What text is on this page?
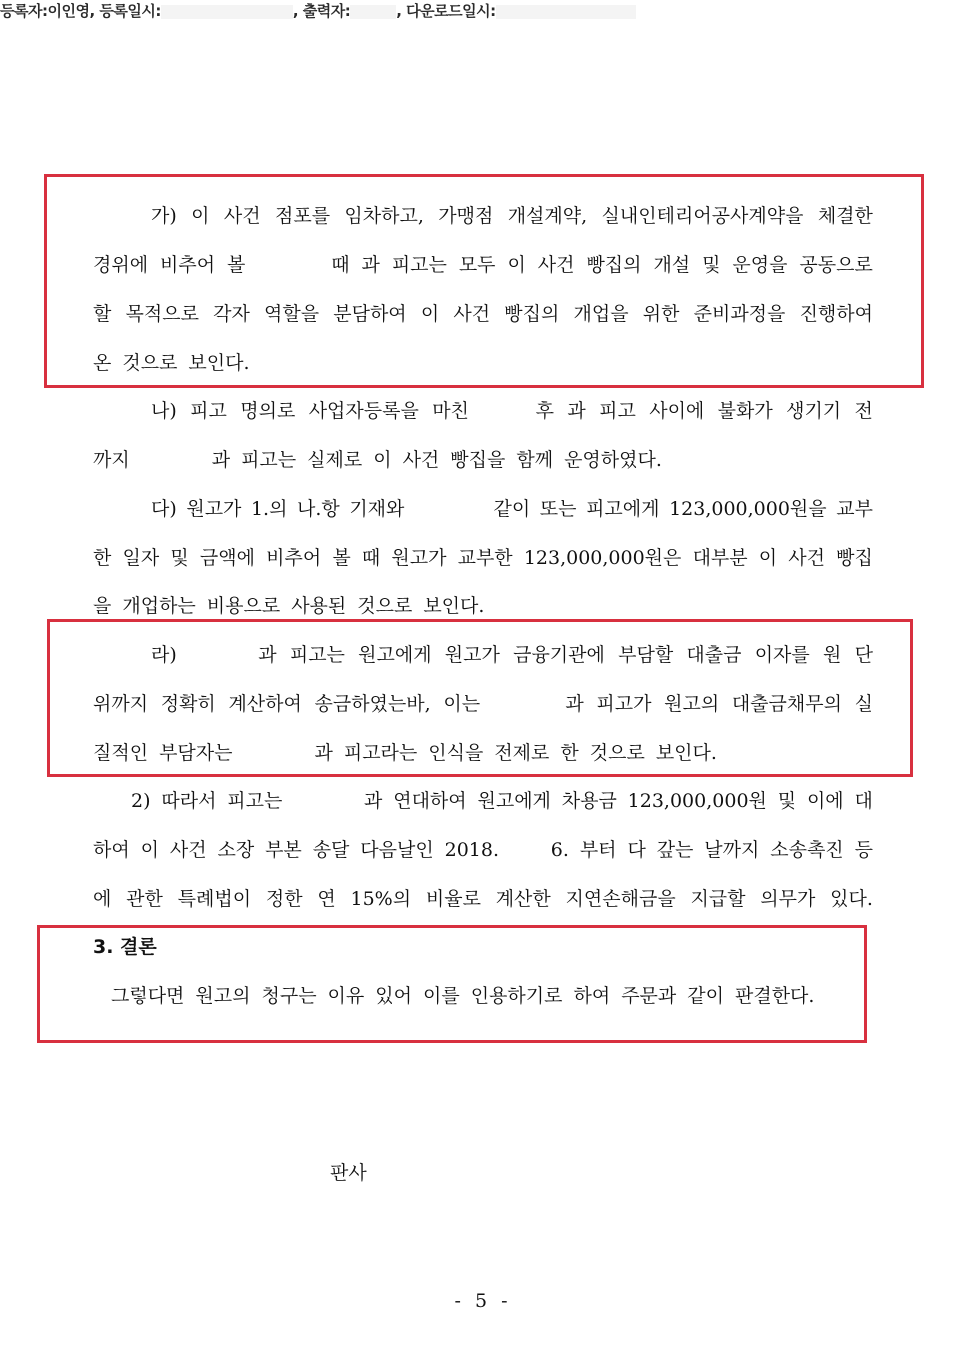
등록자:이인영, 등록일시:	, 출력자:	, 다운로드일시:
가) 이 사건 점포를 임차하고, 가맹점 개설계약, 실내인테리어공사계약을 체결한
경위에 비추어 볼	때 과 피고는 모두 이 사건 빵집의 개설 및 운영을 공동으로
할 목적으로 각자 역할을 분담하여 이 사건 빵집의 개업을 위한 준비과정을 진행하여
온 것으로 보인다.
나) 피고 명의로 사업자등록을 마친	후 과 피고 사이에 불화가 생기기 전
까지	과 피고는 실제로 이 사건 빵집을 함께 운영하였다.
다) 원고가 1.의 나.항 기재와	같이 또는 피고에게 123,000,000원을 교부
한 일자 및 금액에 비추어 볼 때 원고가 교부한 123,000,000원은 대부분 이 사건 빵집
을 개업하는 비용으로 사용된 것으로 보인다.
라)	과 피고는 원고에게 원고가 금융기관에 부담할 대출금 이자를 원 단
위까지 정확히 계산하여 송금하였는바, 이는	과 피고가 원고의 대출금채무의 실
질적인 부담자는	과 피고라는 인식을 전제로 한 것으로 보인다.
2) 따라서 피고는	과 연대하여 원고에게 차용금 123,000,000원 및 이에 대
하여 이 사건 소장 부본 송달 다음날인 2018.	6. 부터 다 갚는 날까지 소송촉진 등
에 관한 특례법이 정한 연 15%의 비율로 계산한 지연손해금을 지급할 의무가 있다.
3. 결론
그렇다면 원고의 청구는 이유 있어 이를 인용하기로 하여 주문과 같이 판결한다.
판사
- 5 -
